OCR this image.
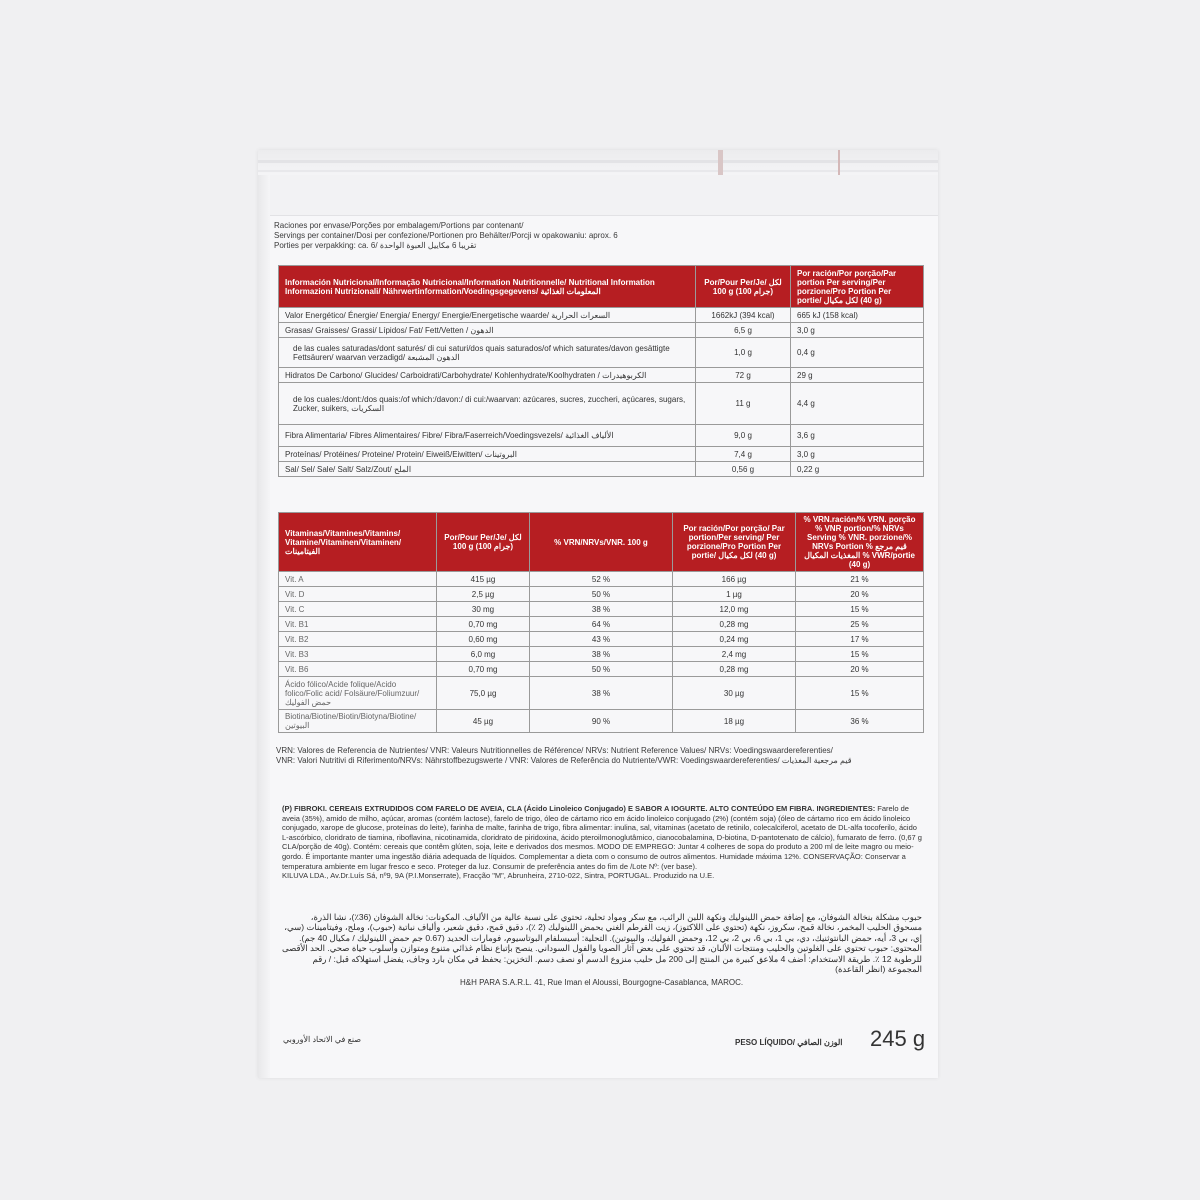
Raciones por envase/Porções por embalagem/Portions par contenant/
Servings per container/Dosi per confezione/Portionen pro Behälter/Porcji w opakowaniu: aprox. 6
Porties per verpakking: ca. 6/ تقريبا 6 مكاييل العبوة الواحدة
Información Nutricional/Informação Nutricional/Information Nutritionnelle/ Nutritional Information Informazioni Nutrizionali/ Nährwertinformation/Voedingsgegevens/ المعلومات الغذائية	Por/Pour Per/Je/ لكل 100 g (100 جرام)	Por ración/Por porção/Par portion Per serving/Per porzione/Pro Portion Per portie/ لكل مكيال (40 g)
Valor Energético/ Énergie/ Energia/ Energy/ Energie/Energetische waarde/ السعرات الحرارية	1662kJ (394 kcal)	665 kJ (158 kcal)
Grasas/ Graisses/ Grassi/ Lípidos/ Fat/ Fett/Vetten / الدهون	6,5 g	3,0 g
de las cuales saturadas/dont saturés/ di cui saturi/dos quais saturados/of which saturates/davon gesättigte Fettsäuren/ waarvan verzadigd/ الدهون المشبعة	1,0 g	0,4 g
Hidratos De Carbono/ Glucides/ Carboidrati/Carbohydrate/ Kohlenhydrate/Koolhydraten / الكربوهيدرات	72 g	29 g
de los cuales:/dont:/dos quais:/of which:/davon:/ di cui:/waarvan: azúcares, sucres, zuccheri, açúcares, sugars, Zucker, suikers, السكريات	11 g	4,4 g
Fibra Alimentaria/ Fibres Alimentaires/ Fibre/ Fibra/Faserreich/Voedingsvezels/ الألياف الغذائية	9,0 g	3,6 g
Proteínas/ Protéines/ Proteine/ Protein/ Eiweiß/Eiwitten/ البروتينات	7,4 g	3,0 g
Sal/ Sel/ Sale/ Salt/ Salz/Zout/ الملح	0,56 g	0,22 g
Vitaminas/Vitamines/Vitamins/ Vitamine/Vitaminen/Vitaminen/ الفيتامينات	Por/Pour Per/Je/ لكل 100 g (100 جرام)	% VRN/NRVs/VNR. 100 g	Por ración/Por porção/ Par portion/Per serving/ Per porzione/Pro Portion Per portie/ لكل مكيال (40 g)	% VRN.ración/% VRN. porção % VNR portion/% NRVs Serving % VNR. porzione/% NRVs Portion % قيم مرجع المغذيات المكيال % VWR/portie (40 g)
Vit. A	415 µg	52 %	166 µg	21 %
Vit. D	2,5 µg	50 %	1 µg	20 %
Vit. C	30 mg	38 %	12,0 mg	15 %
Vit. B1	0,70 mg	64 %	0,28 mg	25 %
Vit. B2	0,60 mg	43 %	0,24 mg	17 %
Vit. B3	6,0 mg	38 %	2,4 mg	15 %
Vit. B6	0,70 mg	50 %	0,28 mg	20 %
Ácido fólico/Acide folique/Acido folico/Folic acid/ Folsäure/Foliumzuur/ حمض الفوليك	75,0 µg	38 %	30 µg	15 %
Biotina/Biotine/Biotin/Biotyna/Biotine/ البيوتين	45 µg	90 %	18 µg	36 %
VRN: Valores de Referencia de Nutrientes/ VNR: Valeurs Nutritionnelles de Référence/ NRVs: Nutrient Reference Values/ NRVs: Voedingswaardereferenties/
VNR: Valori Nutritivi di Riferimento/NRVs: Nährstoffbezugswerte / VNR: Valores de Referência do Nutriente/VWR: Voedingswaardereferenties/ قيم مرجعية المغذيات
(P) FIBROKI. CEREAIS EXTRUDIDOS COM FARELO DE AVEIA, CLA (Ácido Linoleico Conjugado) E SABOR A IOGURTE. ALTO CONTEÚDO EM FIBRA. INGREDIENTES: Farelo de aveia (35%), amido de milho, açúcar, aromas (contém lactose), farelo de trigo, óleo de cártamo rico em ácido linoleico conjugado (2%) (contém soja) (óleo de cártamo rico em ácido linoleico conjugado, xarope de glucose, proteínas do leite), farinha de malte, farinha de trigo, fibra alimentar: inulina, sal, vitaminas (acetato de retinilo, colecalciferol, acetato de DL-alfa tocoferilo, ácido L-ascórbico, cloridrato de tiamina, riboflavina, nicotinamida, cloridrato de piridoxina, ácido pteroilmonoglutâmico, cianocobalamina, D-biotina, D-pantotenato de cálcio), fumarato de ferro. (0,67 g CLA/porção de 40g). Contém: cereais que contêm glúten, soja, leite e derivados dos mesmos. MODO DE EMPREGO: Juntar 4 colheres de sopa do produto a 200 ml de leite magro ou meio-gordo. É importante manter uma ingestão diária adequada de líquidos. Complementar a dieta com o consumo de outros alimentos. Humidade máxima 12%. CONSERVAÇÃO: Conservar a temperatura ambiente em lugar fresco e seco. Proteger da luz. Consumir de preferência antes do fim de /Lote Nº: (ver base).
KILUVA LDA., Av.Dr.Luís Sá, nº9, 9A (P.I.Monserrate), Fracção "M", Abrunheira, 2710-022, Sintra, PORTUGAL. Produzido na U.E.
حبوب مشكلة بنخالة الشوفان، مع إضافة حمض اللينوليك ونكهة اللبن الرائب، مع سكر ومواد تحلية، تحتوي على نسبة عالية من الألياف. المكونات: نخالة الشوفان (36٪)، نشا الذرة، مسحوق الحليب المخمر، نخالة قمح، سكروز، نكهة (تحتوي على اللاكتوز)، زيت القرطم الغني بحمض اللينوليك (2 ٪)، دقيق قمح، دقيق شعير، وألياف نباتية (حبوب)، وملح، وفيتامينات (سي، إي، بي 3، أيه، حمض البانتوثنيك، دي، بي 1، بي 6، بي 2، بي 12، وحمض الفوليك، والبيوتين). التحلية: أسيسلفام البوتاسيوم، فومارات الحديد (0.67 جم حمض اللينوليك / مكيال 40 جم). المحتوى: حبوب تحتوي على الغلوتين والحليب ومنتجات الألبان، قد تحتوي على بعض آثار الصويا والفول السوداني. ينصح بإتباع نظام غذائي متنوع ومتوازن وأسلوب حياة صحي. الحد الأقصى للرطوبة 12 ٪. طريقة الاستخدام: أضف 4 ملاعق كبيرة من المنتج إلى 200 مل حليب منزوع الدسم أو نصف دسم. التخزين: يحفظ في مكان بارد وجاف، يفضل استهلاكه قبل: / رقم المجموعة (انظر القاعدة)
H&H PARA S.A.R.L. 41, Rue Iman el Aloussi, Bourgogne-Casablanca, MAROC.
صنع في الاتحاد الأوروبي	PESO LÍQUIDO/ الوزن الصافي 245 g
